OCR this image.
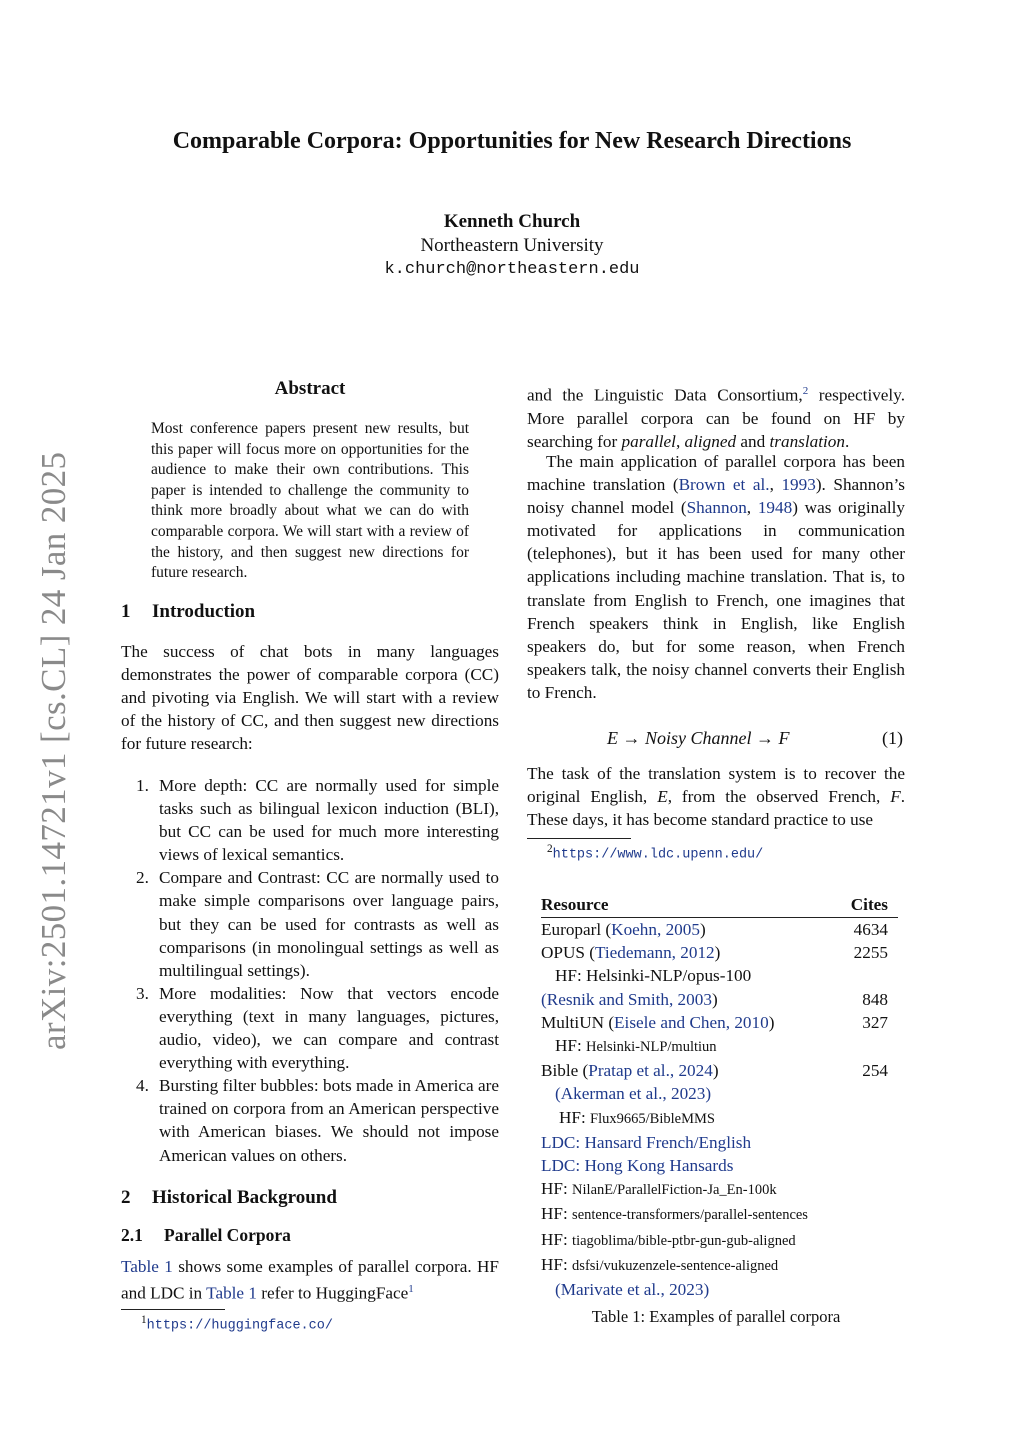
arXiv:2501.14721v1 [cs.CL] 24 Jan 2025
Comparable Corpora: Opportunities for New Research Directions
Kenneth Church
Northeastern University
k.church@northeastern.edu
Abstract
Most conference papers present new results, but this paper will focus more on opportunities for the audience to make their own contributions. This paper is intended to challenge the community to think more broadly about what we can do with comparable corpora. We will start with a review of the history, and then suggest new directions for future research.
1 Introduction
The success of chat bots in many languages demonstrates the power of comparable corpora (CC) and pivoting via English. We will start with a review of the history of CC, and then suggest new directions for future research:
1. More depth: CC are normally used for simple tasks such as bilingual lexicon induction (BLI), but CC can be used for much more interesting views of lexical semantics.
2. Compare and Contrast: CC are normally used to make simple comparisons over language pairs, but they can be used for contrasts as well as comparisons (in monolingual settings as well as multilingual settings).
3. More modalities: Now that vectors encode everything (text in many languages, pictures, audio, video), we can compare and contrast everything with everything.
4. Bursting filter bubbles: bots made in America are trained on corpora from an American perspective with American biases. We should not impose American values on others.
2 Historical Background
2.1 Parallel Corpora
Table 1 shows some examples of parallel corpora. HF and LDC in Table 1 refer to HuggingFace$^1$
$^1$https://huggingface.co/
and the Linguistic Data Consortium,$^2$ respectively. More parallel corpora can be found on HF by searching for parallel, aligned and translation.
The main application of parallel corpora has been machine translation (Brown et al., 1993). Shannon’s noisy channel model (Shannon, 1948) was originally motivated for applications in communication (telephones), but it has been used for many other applications including machine translation. That is, to translate from English to French, one imagines that French speakers think in English, like English speakers do, but for some reason, when French speakers talk, the noisy channel converts their English to French.
E → Noisy Channel → F	(1)
The task of the translation system is to recover the original English, E, from the observed French, F. These days, it has become standard practice to use
$^2$https://www.ldc.upenn.edu/
Resource	Cites
Europarl (Koehn, 2005)	4634
OPUS (Tiedemann, 2012)	2255
HF: Helsinki-NLP/opus-100	
(Resnik and Smith, 2003)	848
MultiUN (Eisele and Chen, 2010)	327
HF: Helsinki-NLP/multiun	
Bible (Pratap et al., 2024)	254
(Akerman et al., 2023)	
HF: Flux9665/BibleMMS	
LDC: Hansard French/English	
LDC: Hong Kong Hansards	
HF: NilanE/ParallelFiction-Ja_En-100k	
HF: sentence-transformers/parallel-sentences	
HF: tiagoblima/bible-ptbr-gun-gub-aligned	
HF: dsfsi/vukuzenzele-sentence-aligned	
(Marivate et al., 2023)	
Table 1: Examples of parallel corpora
